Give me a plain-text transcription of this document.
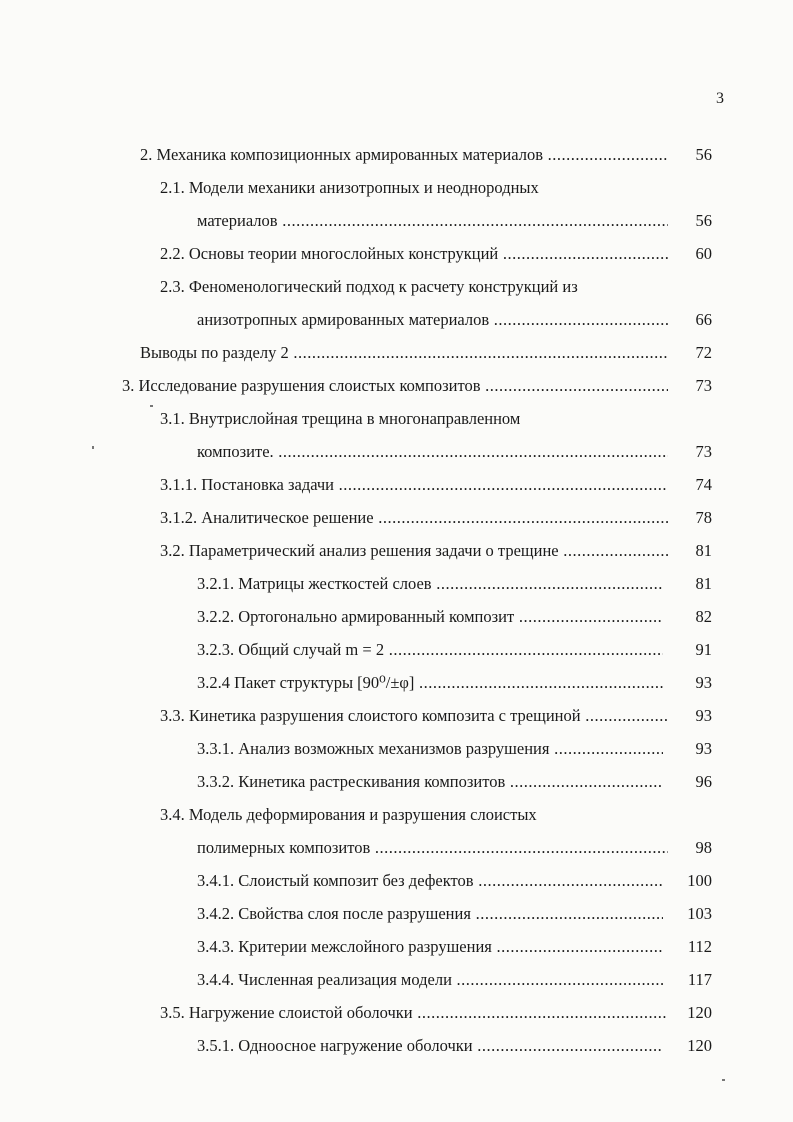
3
2. Механика композиционных армированных материалов .....	56
2.1. Модели механики анизотропных и неоднородных
материалов .....	56
2.2. Основы теории многослойных конструкций .....	60
2.3. Феноменологический подход к расчету конструкций из
анизотропных армированных материалов .....	66
Выводы по разделу 2 .....	72
3. Исследование разрушения слоистых композитов .....	73
3.1. Внутрислойная трещина в многонаправленном
композите. .....	73
3.1.1. Постановка задачи .....	74
3.1.2. Аналитическое решение .....	78
3.2. Параметрический анализ решения задачи о трещине .....	81
3.2.1. Матрицы жесткостей слоев .....	81
3.2.2. Ортогонально армированный композит .....	82
3.2.3. Общий случай m = 2 .....	91
3.2.4 Пакет структуры [90⁰/±φ] .....	93
3.3. Кинетика разрушения слоистого композита с трещиной .....	93
3.3.1. Анализ возможных механизмов разрушения .....	93
3.3.2. Кинетика растрескивания композитов .....	96
3.4. Модель деформирования и разрушения слоистых
полимерных композитов .....	98
3.4.1. Слоистый композит без дефектов .....	100
3.4.2. Свойства слоя после разрушения .....	103
3.4.3. Критерии межслойного разрушения .....	112
3.4.4. Численная реализация модели .....	117
3.5. Нагружение слоистой оболочки .....	120
3.5.1. Одноосное нагружение оболочки .....	120
